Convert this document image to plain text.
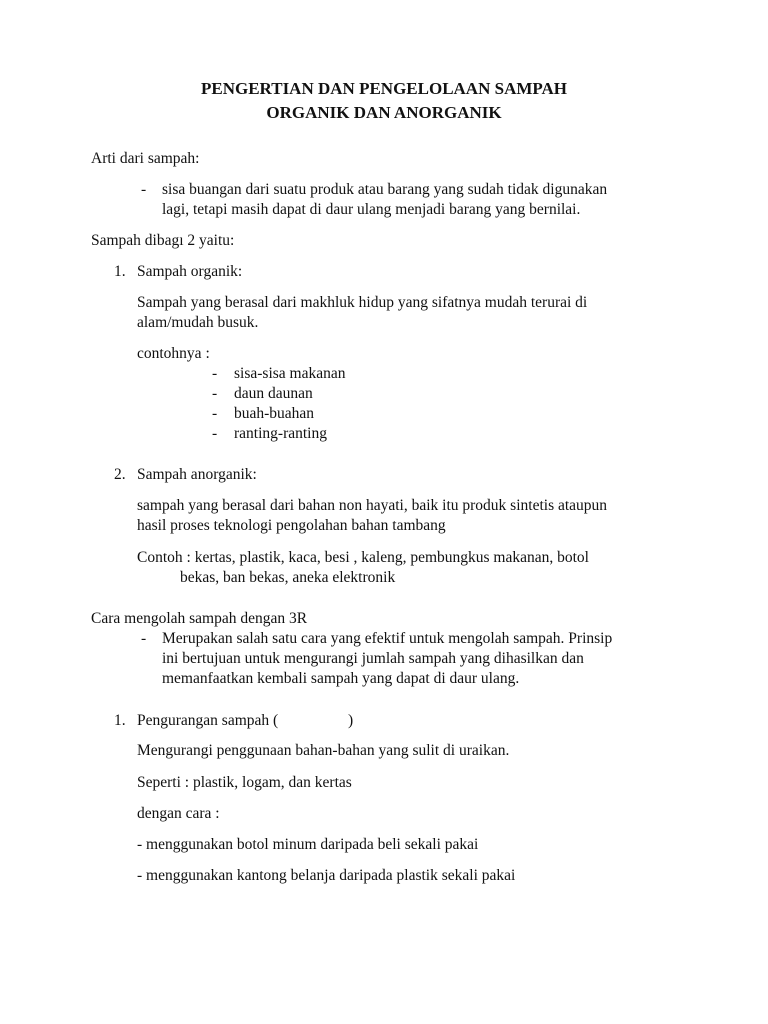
PENGERTIAN DAN PENGELOLAAN SAMPAH
ORGANIK DAN ANORGANIK
Arti dari sampah:
- sisa buangan dari suatu produk atau barang yang sudah tidak digunakan
lagi, tetapi masih dapat di daur ulang menjadi barang yang bernilai.
Sampah dibagı 2 yaitu:
1. Sampah organik:
Sampah yang berasal dari makhluk hidup yang sifatnya mudah terurai di
alam/mudah busuk.
contohnya :
- sisa-sisa makanan
- daun daunan
- buah-buahan
- ranting-ranting
2. Sampah anorganik:
sampah yang berasal dari bahan non hayati, baik itu produk sintetis ataupun
hasil proses teknologi pengolahan bahan tambang
Contoh : kertas, plastik, kaca, besi , kaleng, pembungkus makanan, botol
bekas, ban bekas, aneka elektronik
Cara mengolah sampah dengan 3R
- Merupakan salah satu cara yang efektif untuk mengolah sampah. Prinsip
ini bertujuan untuk mengurangi jumlah sampah yang dihasilkan dan
memanfaatkan kembali sampah yang dapat di daur ulang.
1. Pengurangan sampah (	)
Mengurangi penggunaan bahan-bahan yang sulit di uraikan.
Seperti : plastik, logam, dan kertas
dengan cara :
- menggunakan botol minum daripada beli sekali pakai
- menggunakan kantong belanja daripada plastik sekali pakai
